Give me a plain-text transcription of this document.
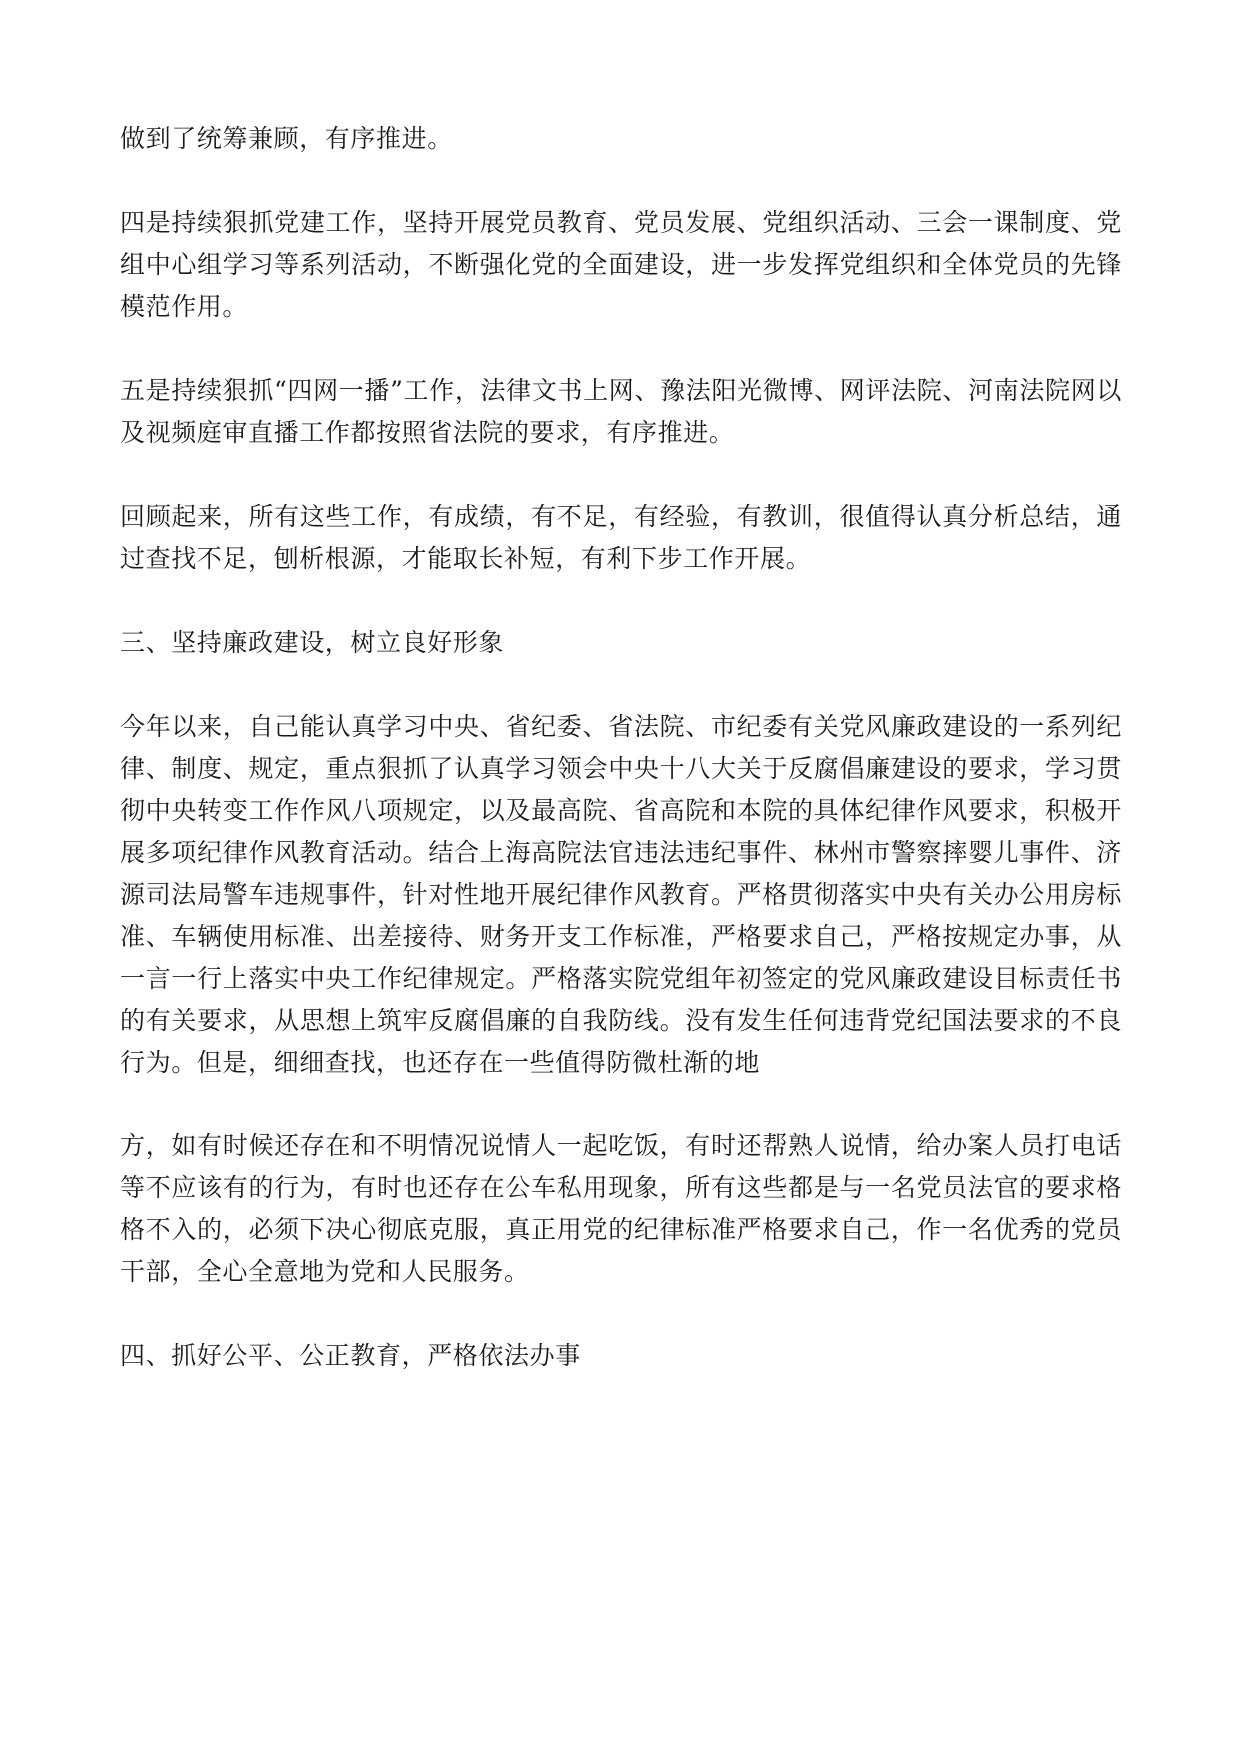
做到了统筹兼顾，有序推进。

四是持续狠抓党建工作，坚持开展党员教育、党员发展、党组织活动、三会一课制度、党组中心组学习等系列活动，不断强化党的全面建设，进一步发挥党组织和全体党员的先锋模范作用。

五是持续狠抓“四网一播”工作，法律文书上网、豫法阳光微博、网评法院、河南法院网以及视频庭审直播工作都按照省法院的要求，有序推进。

回顾起来，所有这些工作，有成绩，有不足，有经验，有教训，很值得认真分析总结，通过查找不足，刨析根源，才能取长补短，有利下步工作开展。

三、坚持廉政建设，树立良好形象

今年以来，自己能认真学习中央、省纪委、省法院、市纪委有关党风廉政建设的一系列纪律、制度、规定，重点狠抓了认真学习领会中央十八大关于反腐倡廉建设的要求，学习贯彻中央转变工作作风八项规定，以及最高院、省高院和本院的具体纪律作风要求，积极开展多项纪律作风教育活动。结合上海高院法官违法违纪事件、林州市警察摔婴儿事件、济源司法局警车违规事件，针对性地开展纪律作风教育。严格贯彻落实中央有关办公用房标准、车辆使用标准、出差接待、财务开支工作标准，严格要求自己，严格按规定办事，从一言一行上落实中央工作纪律规定。严格落实院党组年初签定的党风廉政建设目标责任书的有关要求，从思想上筑牢反腐倡廉的自我防线。没有发生任何违背党纪国法要求的不良行为。但是，细细查找，也还存在一些值得防微杜渐的地

方，如有时候还存在和不明情况说情人一起吃饭，有时还帮熟人说情，给办案人员打电话等不应该有的行为，有时也还存在公车私用现象，所有这些都是与一名党员法官的要求格格不入的，必须下决心彻底克服，真正用党的纪律标准严格要求自己，作一名优秀的党员干部，全心全意地为党和人民服务。

四、抓好公平、公正教育，严格依法办事
